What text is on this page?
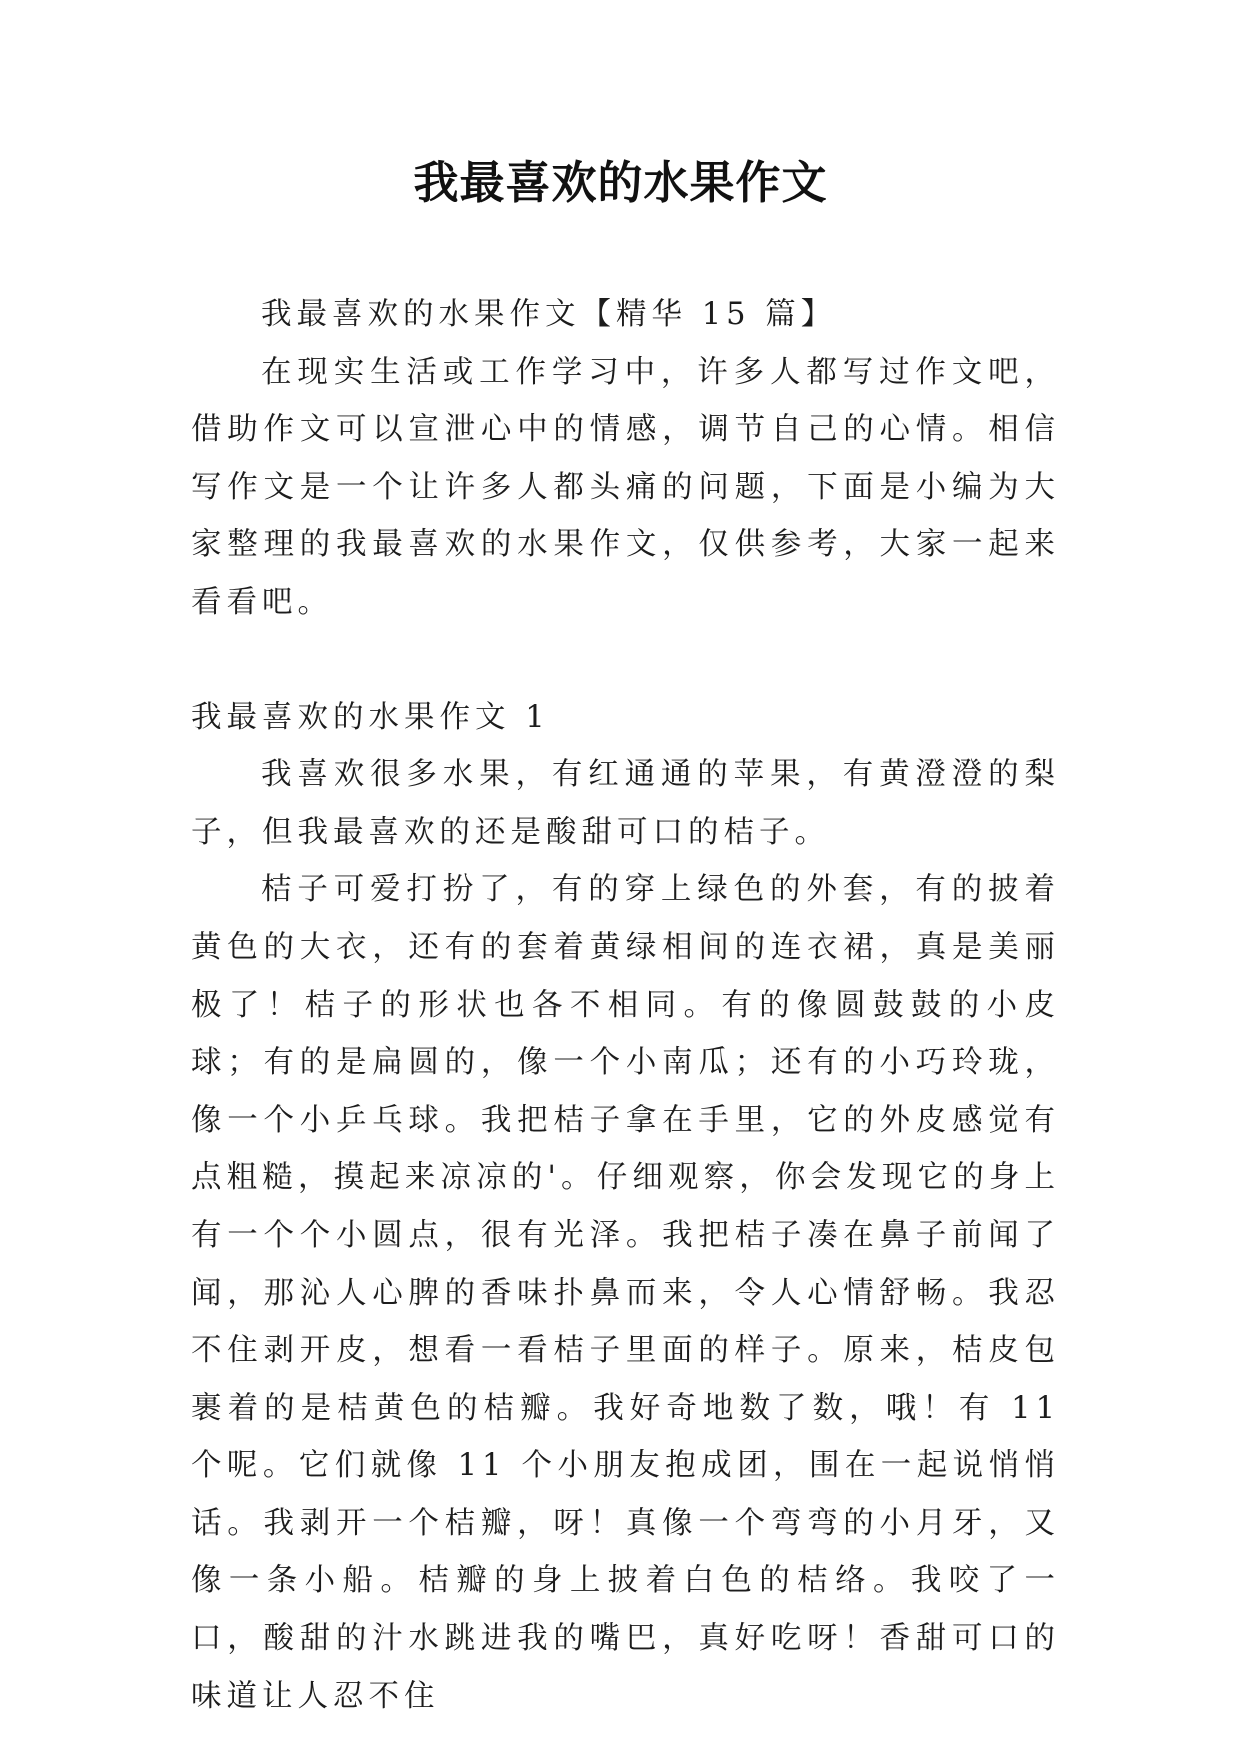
我最喜欢的水果作文

我最喜欢的水果作文【精华 15 篇】

在现实生活或工作学习中，许多人都写过作文吧，借助作文可以宣泄心中的情感，调节自己的心情。相信写作文是一个让许多人都头痛的问题，下面是小编为大家整理的我最喜欢的水果作文，仅供参考，大家一起来看看吧。

我最喜欢的水果作文 1

我喜欢很多水果，有红通通的苹果，有黄澄澄的梨子，但我最喜欢的还是酸甜可口的桔子。

桔子可爱打扮了，有的穿上绿色的外套，有的披着黄色的大衣，还有的套着黄绿相间的连衣裙，真是美丽极了！桔子的形状也各不相同。有的像圆鼓鼓的小皮球；有的是扁圆的，像一个小南瓜；还有的小巧玲珑，像一个小乒乓球。我把桔子拿在手里，它的外皮感觉有点粗糙，摸起来凉凉的'。仔细观察，你会发现它的身上有一个个小圆点，很有光泽。我把桔子凑在鼻子前闻了闻，那沁人心脾的香味扑鼻而来，令人心情舒畅。我忍不住剥开皮，想看一看桔子里面的样子。原来，桔皮包裹着的是桔黄色的桔瓣。我好奇地数了数，哦！有 11 个呢。它们就像 11 个小朋友抱成团，围在一起说悄悄话。我剥开一个桔瓣，呀！真像一个弯弯的小月牙，又像一条小船。桔瓣的身上披着白色的桔络。我咬了一口，酸甜的汁水跳进我的嘴巴，真好吃呀！香甜可口的味道让人忍不住
